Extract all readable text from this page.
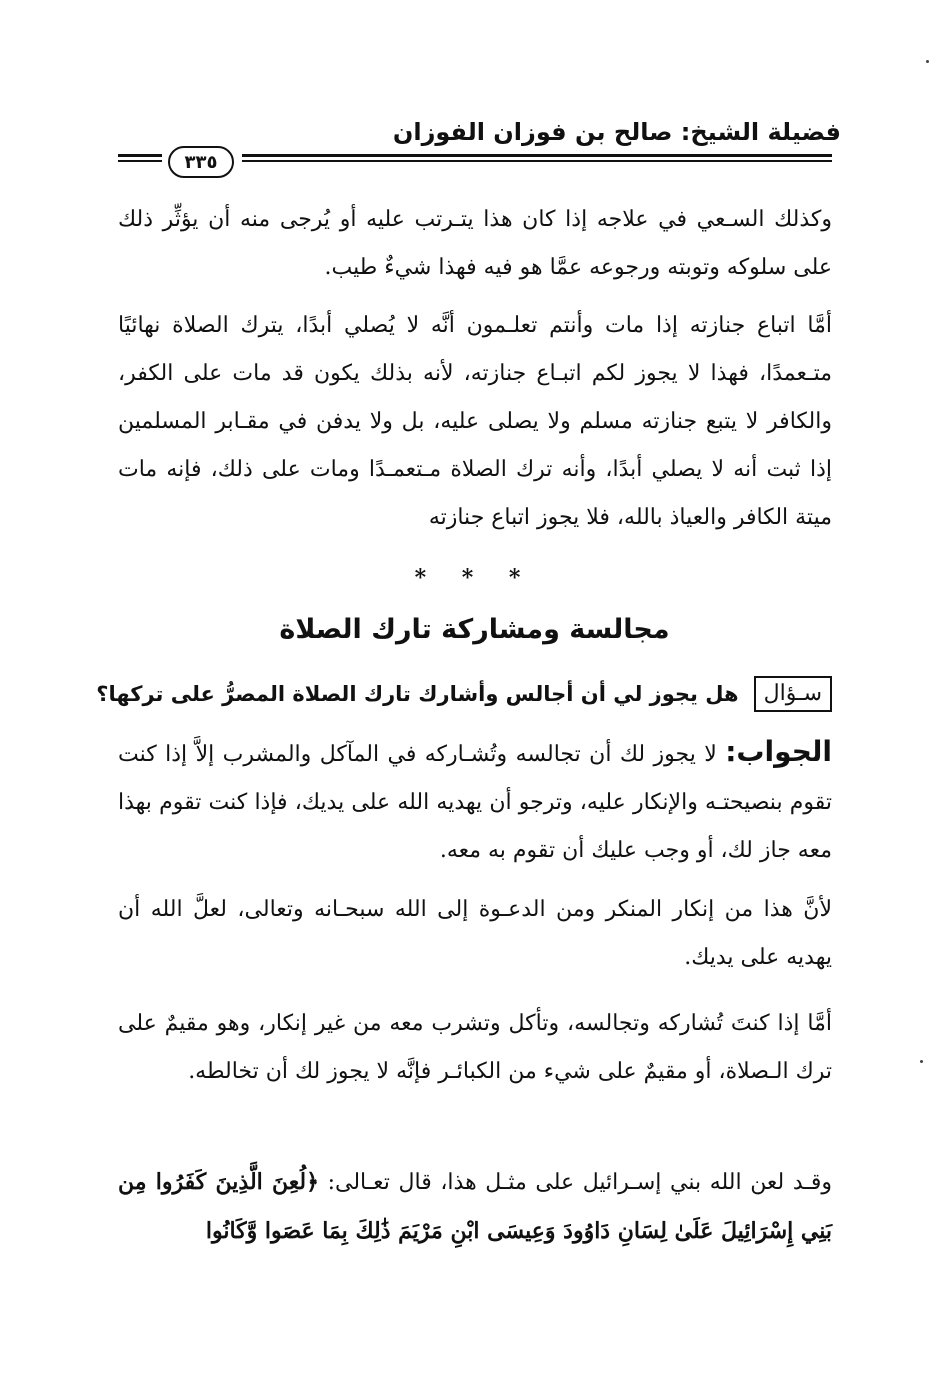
فضيلة الشيخ: صالح بن فوزان الفوزان
٣٣٥
وكذلك السـعي في علاجه إذا كان هذا يتـرتب عليه أو يُرجى منه أن يؤثِّر ذلك على سلوكه وتوبته ورجوعه عمَّا هو فيه فهذا شيءٌ طيب.
أمَّا اتباع جنازته إذا مات وأنتم تعلـمون أنَّه لا يُصلي أبدًا، يترك الصلاة نهائيًا متـعمدًا، فهذا لا يجوز لكم اتبـاع جنازته، لأنه بذلك يكون قد مات على الكفر، والكافر لا يتبع جنازته مسلم ولا يصلى عليه، بل ولا يدفن في مقـابر المسلمين إذا ثبت أنه لا يصلي أبدًا، وأنه ترك الصلاة مـتعمـدًا ومات على ذلك، فإنه مات ميتة الكافر والعياذ بالله، فلا يجوز اتباع جنازته
* * *
مجالسة ومشاركة تارك الصلاة
سـؤال هل يجوز لي أن أجالس وأشارك تارك الصلاة المصرُّ على تركها؟
الجواب: لا يجوز لك أن تجالسه وتُشـاركه في المآكل والمشرب إلاَّ إذا كنت تقوم بنصيحتـه والإنكار عليه، وترجو أن يهديه الله على يديك، فإذا كنت تقوم بهذا معه جاز لك، أو وجب عليك أن تقوم به معه.
لأنَّ هذا من إنكار المنكر ومن الدعـوة إلى الله سبحـانه وتعالى، لعلَّ الله أن يهديه على يديك.
أمَّا إذا كنتَ تُشاركه وتجالسه، وتأكل وتشرب معه من غير إنكار، وهو مقيمٌ على ترك الـصلاة، أو مقيمٌ على شيء من الكبائـر فإنَّه لا يجوز لك أن تخالطه.
وقـد لعن الله بني إسـرائيل على مثـل هذا، قال تعـالى: ﴿لُعِنَ الَّذِينَ كَفَرُوا مِن بَنِي إِسْرَائِيلَ عَلَىٰ لِسَانِ دَاوُودَ وَعِيسَى ابْنِ مَرْيَمَ ذَٰلِكَ بِمَا عَصَوا وَّكَانُوا
